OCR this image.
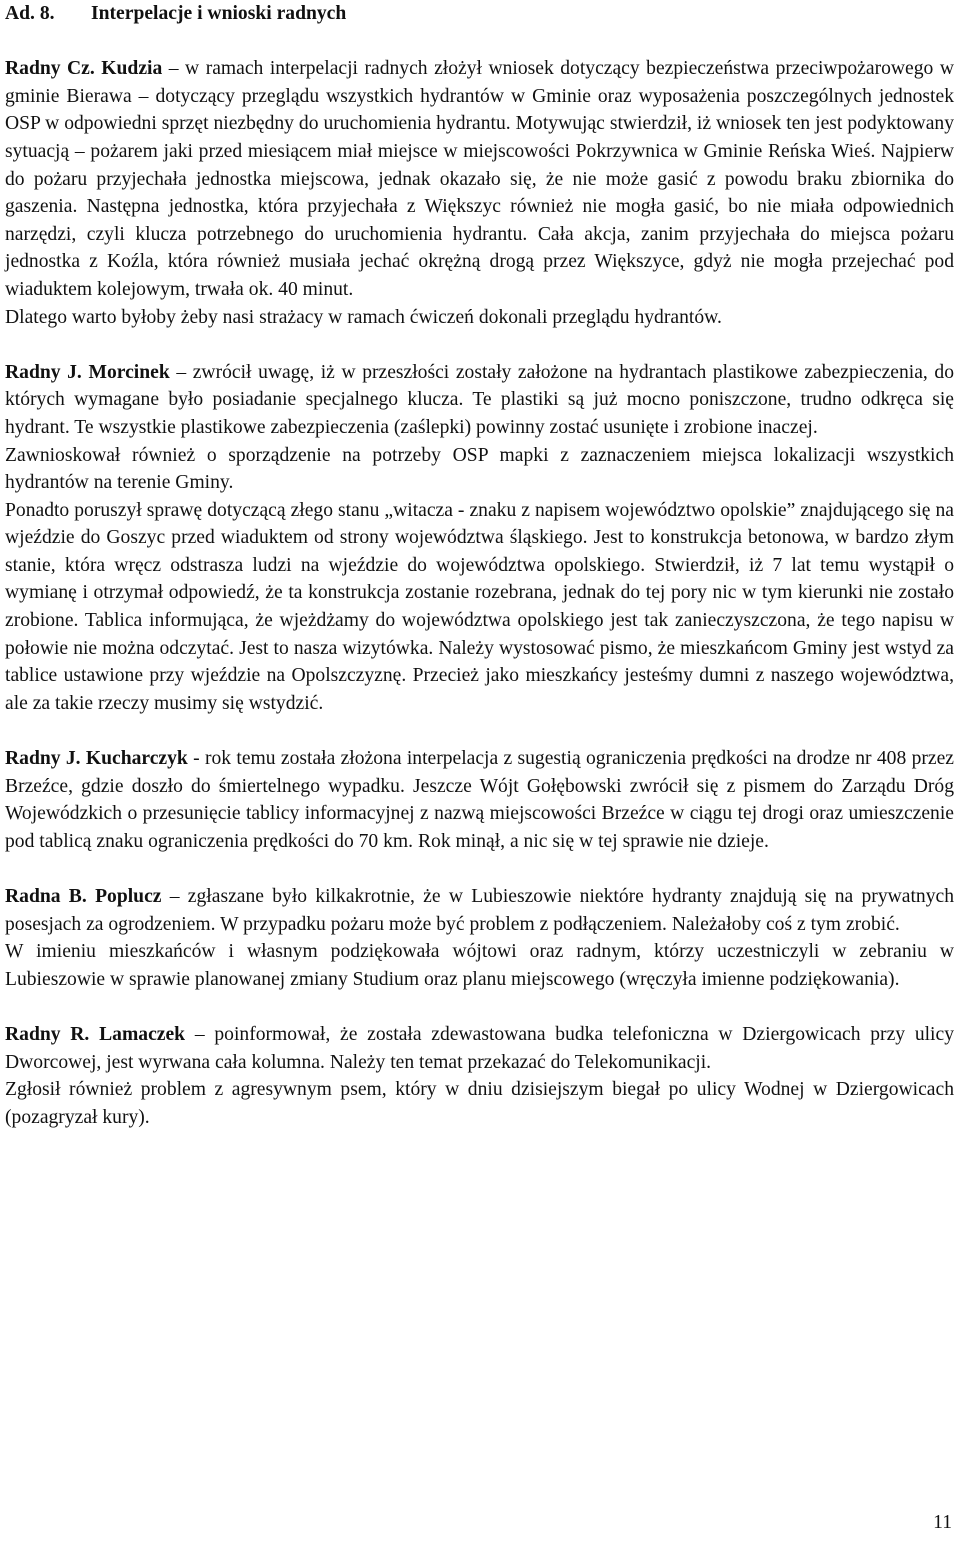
Ad. 8. Interpelacje i wnioski radnych

Radny Cz. Kudzia – w ramach interpelacji radnych złożył wniosek dotyczący bezpieczeństwa przeciwpożarowego w gminie Bierawa – dotyczący przeglądu wszystkich hydrantów w Gminie oraz wyposażenia poszczególnych jednostek OSP w odpowiedni sprzęt niezbędny do uruchomienia hydrantu. Motywując stwierdził, iż wniosek ten jest podyktowany sytuacją – pożarem jaki przed miesiącem miał miejsce w miejscowości Pokrzywnica w Gminie Reńska Wieś. Najpierw do pożaru przyjechała jednostka miejscowa, jednak okazało się, że nie może gasić z powodu braku zbiornika do gaszenia. Następna jednostka, która przyjechała z Większyc również nie mogła gasić, bo nie miała odpowiednich narzędzi, czyli klucza potrzebnego do uruchomienia hydrantu. Cała akcja, zanim przyjechała do miejsca pożaru jednostka z Koźla, która również musiała jechać okrężną drogą przez Większyce, gdyż nie mogła przejechać pod wiaduktem kolejowym, trwała ok. 40 minut.

Dlatego warto byłoby żeby nasi strażacy w ramach ćwiczeń dokonali przeglądu hydrantów.

Radny J. Morcinek – zwrócił uwagę, iż w przeszłości zostały założone na hydrantach plastikowe zabezpieczenia, do których wymagane było posiadanie specjalnego klucza. Te plastiki są już mocno poniszczone, trudno odkręca się hydrant. Te wszystkie plastikowe zabezpieczenia (zaślepki) powinny zostać usunięte i zrobione inaczej.

Zawnioskował również o sporządzenie na potrzeby OSP mapki z zaznaczeniem miejsca lokalizacji wszystkich hydrantów na terenie Gminy.

Ponadto poruszył sprawę dotyczącą złego stanu „witacza - znaku z napisem województwo opolskie” znajdującego się na wjeździe do Goszyc przed wiaduktem od strony województwa śląskiego. Jest to konstrukcja betonowa, w bardzo złym stanie, która wręcz odstrasza ludzi na wjeździe do województwa opolskiego. Stwierdził, iż 7 lat temu wystąpił o wymianę i otrzymał odpowiedź, że ta konstrukcja zostanie rozebrana, jednak do tej pory nic w tym kierunki nie zostało zrobione. Tablica informująca, że wjeżdżamy do województwa opolskiego jest tak zanieczyszczona, że tego napisu w połowie nie można odczytać. Jest to nasza wizytówka. Należy wystosować pismo, że mieszkańcom Gminy jest wstyd za tablice ustawione przy wjeździe na Opolszczyznę. Przecież jako mieszkańcy jesteśmy dumni z naszego województwa, ale za takie rzeczy musimy się wstydzić.

Radny J. Kucharczyk - rok temu została złożona interpelacja z sugestią ograniczenia prędkości na drodze nr 408 przez Brzeźce, gdzie doszło do śmiertelnego wypadku. Jeszcze Wójt Gołębowski zwrócił się z pismem do Zarządu Dróg Wojewódzkich o przesunięcie tablicy informacyjnej z nazwą miejscowości Brzeźce w ciągu tej drogi oraz umieszczenie pod tablicą znaku ograniczenia prędkości do 70 km. Rok minął, a nic się w tej sprawie nie dzieje.

Radna B. Poplucz – zgłaszane było kilkakrotnie, że w Lubieszowie niektóre hydranty znajdują się na prywatnych posesjach za ogrodzeniem. W przypadku pożaru może być problem z podłączeniem. Należałoby coś z tym zrobić.

W imieniu mieszkańców i własnym podziękowała wójtowi oraz radnym, którzy uczestniczyli w zebraniu w Lubieszowie w sprawie planowanej zmiany Studium oraz planu miejscowego (wręczyła imienne podziękowania).

Radny R. Lamaczek – poinformował, że została zdewastowana budka telefoniczna w Dziergowicach przy ulicy Dworcowej, jest wyrwana cała kolumna. Należy ten temat przekazać do Telekomunikacji.

Zgłosił również problem z agresywnym psem, który w dniu dzisiejszym biegał po ulicy Wodnej w Dziergowicach (pozagryzał kury).

11
